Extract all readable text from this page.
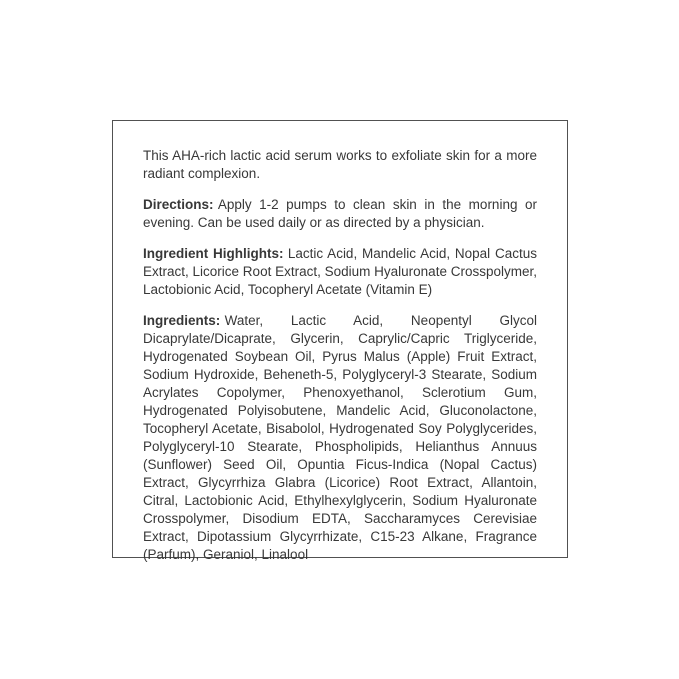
This AHA-rich lactic acid serum works to exfoliate skin for a more radiant complexion.

Directions: Apply 1-2 pumps to clean skin in the morning or evening. Can be used daily or as directed by a physician.

Ingredient Highlights: Lactic Acid, Mandelic Acid, Nopal Cactus Extract, Licorice Root Extract, Sodium Hyaluronate Crosspolymer, Lactobionic Acid, Tocopheryl Acetate (Vitamin E)

Ingredients: Water, Lactic Acid, Neopentyl Glycol Dicaprylate/Dicaprate, Glycerin, Caprylic/Capric Triglyceride, Hydrogenated Soybean Oil, Pyrus Malus (Apple) Fruit Extract, Sodium Hydroxide, Beheneth-5, Polyglyceryl-3 Stearate, Sodium Acrylates Copolymer, Phenoxyethanol, Sclerotium Gum, Hydrogenated Polyisobutene, Mandelic Acid, Gluconolactone, Tocopheryl Acetate, Bisabolol, Hydrogenated Soy Polyglycerides, Polyglyceryl-10 Stearate, Phospholipids, Helianthus Annuus (Sunflower) Seed Oil, Opuntia Ficus-Indica (Nopal Cactus) Extract, Glycyrrhiza Glabra (Licorice) Root Extract, Allantoin, Citral, Lactobionic Acid, Ethylhexylglycerin, Sodium Hyaluronate Crosspolymer, Disodium EDTA, Saccharamyces Cerevisiae Extract, Dipotassium Glycyrrhizate, C15-23 Alkane, Fragrance (Parfum), Geraniol, Linalool
